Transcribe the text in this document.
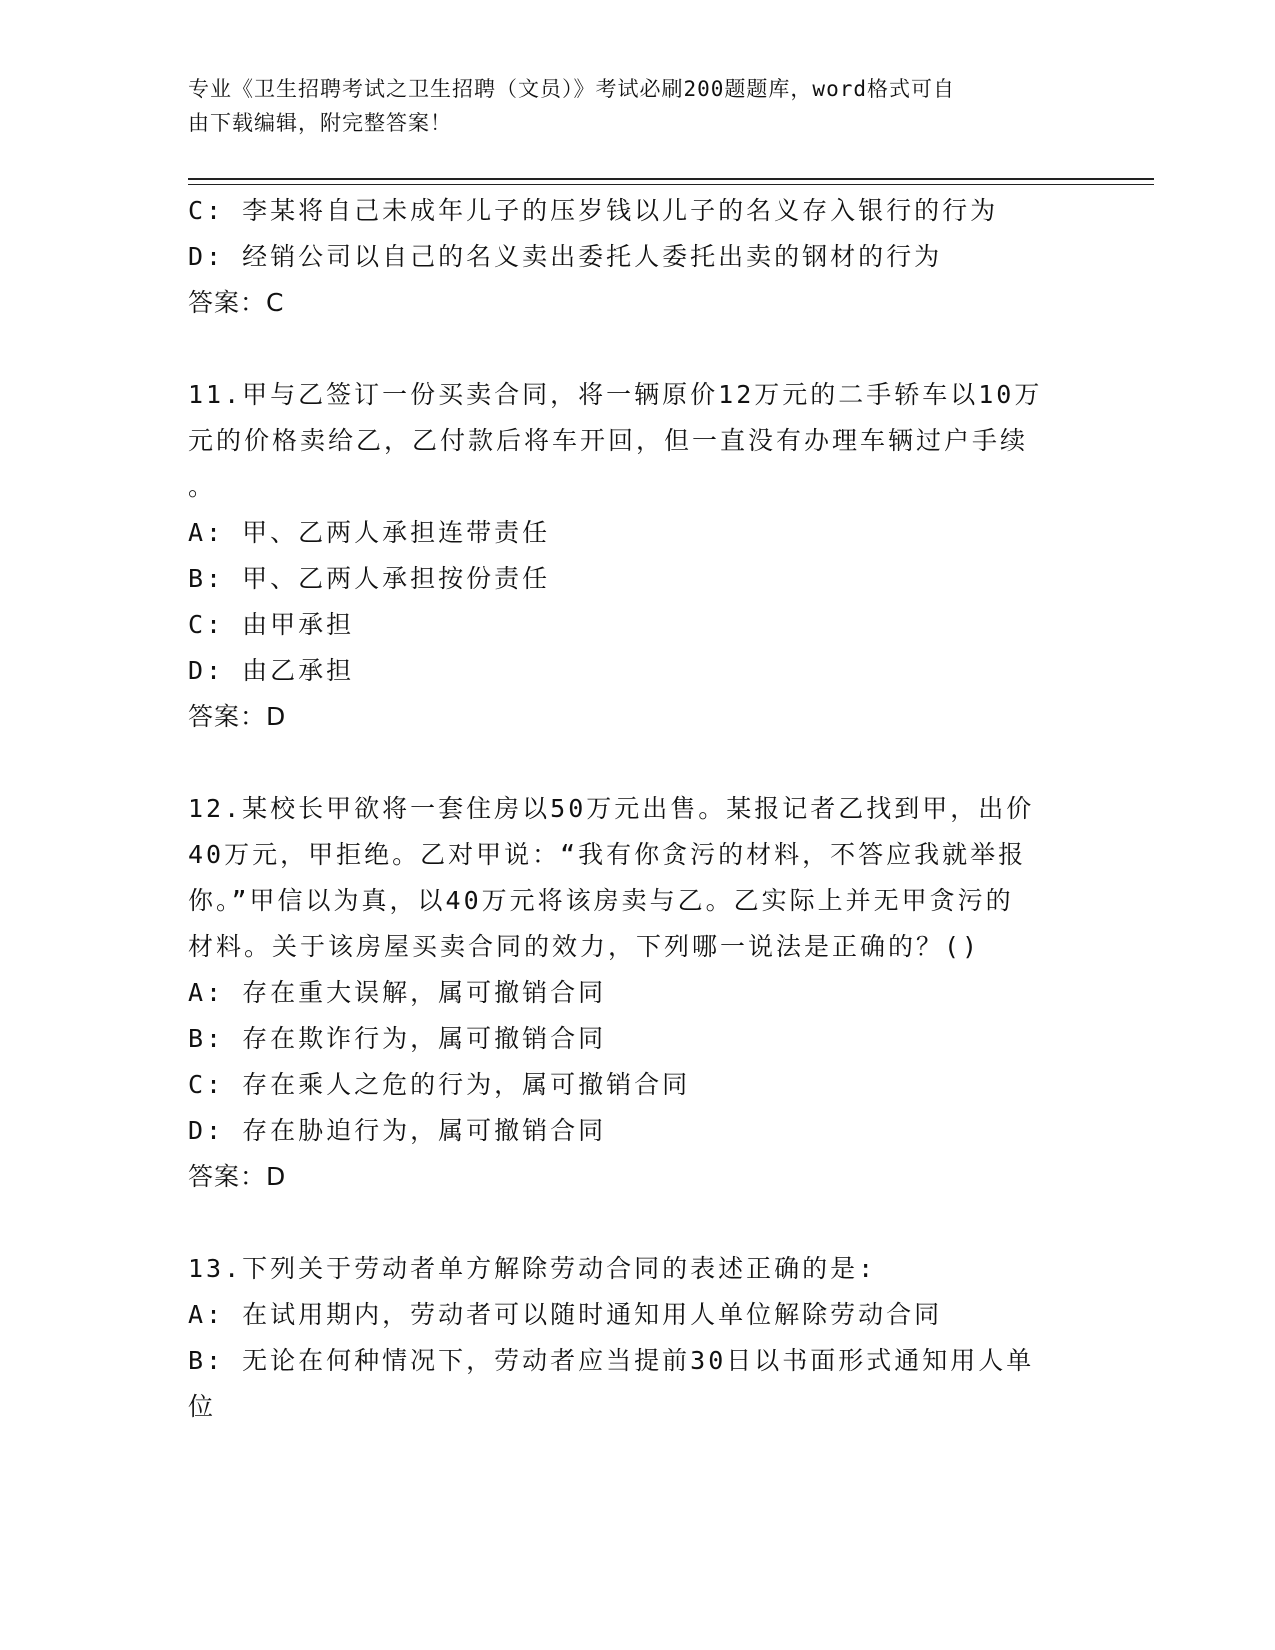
专业《卫生招聘考试之卫生招聘（文员）》考试必刷200题题库，word格式可自
由下载编辑，附完整答案！
C: 李某将自己未成年儿子的压岁钱以儿子的名义存入银行的行为
D: 经销公司以自己的名义卖出委托人委托出卖的钢材的行为
答案：C
11.甲与乙签订一份买卖合同，将一辆原价12万元的二手轿车以10万
元的价格卖给乙，乙付款后将车开回，但一直没有办理车辆过户手续
。
A: 甲、乙两人承担连带责任
B: 甲、乙两人承担按份责任
C: 由甲承担
D: 由乙承担
答案：D
12.某校长甲欲将一套住房以50万元出售。某报记者乙找到甲，出价
40万元，甲拒绝。乙对甲说：“我有你贪污的材料，不答应我就举报
你。”甲信以为真，以40万元将该房卖与乙。乙实际上并无甲贪污的
材料。关于该房屋买卖合同的效力，下列哪一说法是正确的？()
A: 存在重大误解，属可撤销合同
B: 存在欺诈行为，属可撤销合同
C: 存在乘人之危的行为，属可撤销合同
D: 存在胁迫行为，属可撤销合同
答案：D
13.下列关于劳动者单方解除劳动合同的表述正确的是:
A: 在试用期内，劳动者可以随时通知用人单位解除劳动合同
B: 无论在何种情况下，劳动者应当提前30日以书面形式通知用人单
位
